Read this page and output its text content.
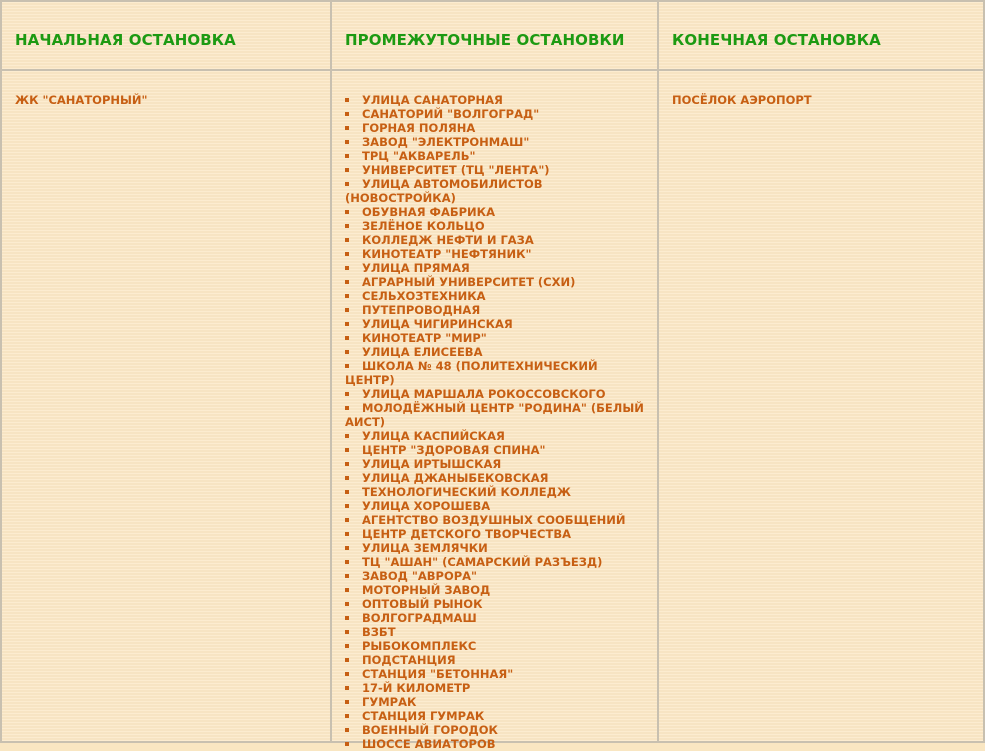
НАЧАЛЬНАЯ ОСТАНОВКА
ЖК "САНАТОРНЫЙ"
ПРОМЕЖУТОЧНЫЕ ОСТАНОВКИ
УЛИЦА САНАТОРНАЯ
САНАТОРИЙ "ВОЛГОГРАД"
ГОРНАЯ ПОЛЯНА
ЗАВОД "ЭЛЕКТРОНМАШ"
ТРЦ "АКВАРЕЛЬ"
УНИВЕРСИТЕТ (ТЦ "ЛЕНТА")
УЛИЦА АВТОМОБИЛИСТОВ (НОВОСТРОЙКА)
ОБУВНАЯ ФАБРИКА
ЗЕЛЁНОЕ КОЛЬЦО
КОЛЛЕДЖ НЕФТИ И ГАЗА
КИНОТЕАТР "НЕФТЯНИК"
УЛИЦА ПРЯМАЯ
АГРАРНЫЙ УНИВЕРСИТЕТ (СХИ)
СЕЛЬХОЗТЕХНИКА
ПУТЕПРОВОДНАЯ
УЛИЦА ЧИГИРИНСКАЯ
КИНОТЕАТР "МИР"
УЛИЦА ЕЛИСЕЕВА
ШКОЛА № 48 (ПОЛИТЕХНИЧЕСКИЙ ЦЕНТР)
УЛИЦА МАРШАЛА РОКОССОВСКОГО
МОЛОДЁЖНЫЙ ЦЕНТР "РОДИНА" (БЕЛЫЙ АИСТ)
УЛИЦА КАСПИЙСКАЯ
ЦЕНТР "ЗДОРОВАЯ СПИНА"
УЛИЦА ИРТЫШСКАЯ
УЛИЦА ДЖАНЫБЕКОВСКАЯ
ТЕХНОЛОГИЧЕСКИЙ КОЛЛЕДЖ
УЛИЦА ХОРОШЕВА
АГЕНТСТВО ВОЗДУШНЫХ СООБЩЕНИЙ
ЦЕНТР ДЕТСКОГО ТВОРЧЕСТВА
УЛИЦА ЗЕМЛЯЧКИ
ТЦ "АШАН" (САМАРСКИЙ РАЗЪЕЗД)
ЗАВОД "АВРОРА"
МОТОРНЫЙ ЗАВОД
ОПТОВЫЙ РЫНОК
ВОЛГОГРАДМАШ
ВЗБТ
РЫБОКОМПЛЕКС
ПОДСТАНЦИЯ
СТАНЦИЯ "БЕТОННАЯ"
17-Й КИЛОМЕТР
ГУМРАК
СТАНЦИЯ ГУМРАК
ВОЕННЫЙ ГОРОДОК
ШОССЕ АВИАТОРОВ
КОНЕЧНАЯ ОСТАНОВКА
ПОСЁЛОК АЭРОПОРТ
